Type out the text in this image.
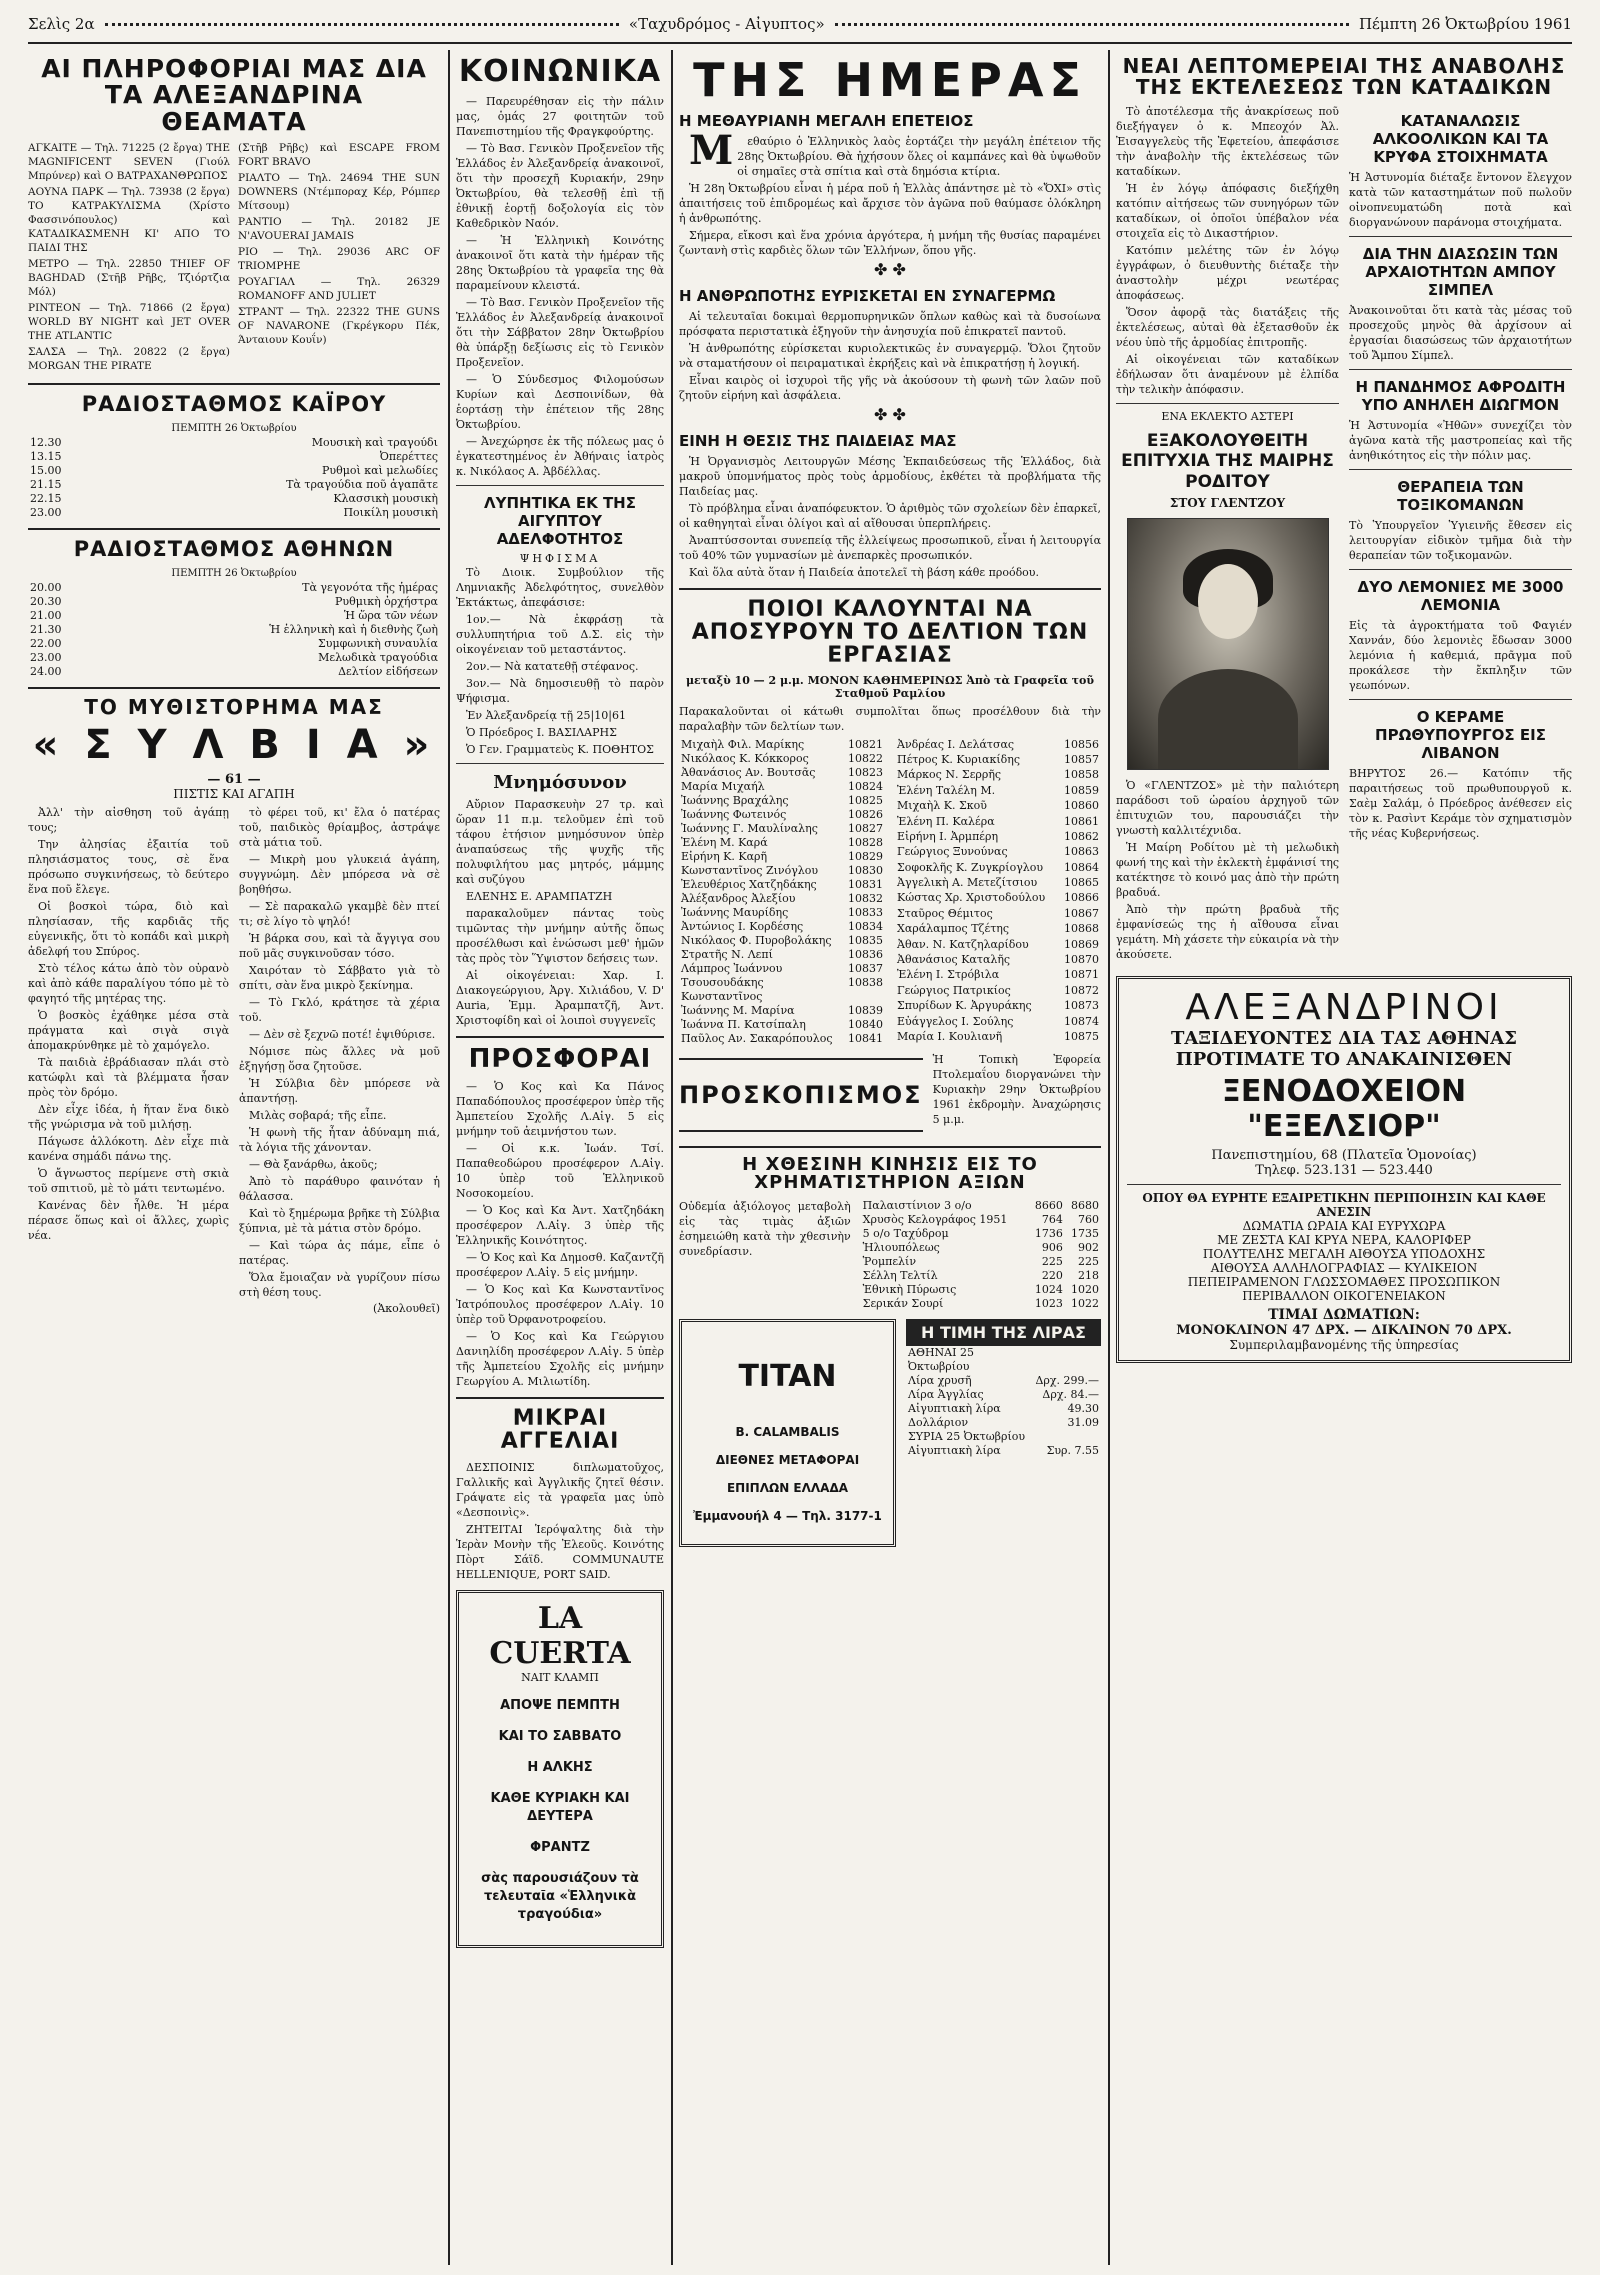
Σελὶς 2α	«Ταχυδρόμος - Αἰγυπτος»	Πέμπτη 26 Ὀκτωβρίου 1961
ΑΙ ΠΛΗΡΟΦΟΡΙΑΙ ΜΑΣ ΔΙΑ ΤΑ ΑΛΕΞΑΝΔΡΙΝΑ ΘΕΑΜΑΤΑ

ΑΓΚΑΙΤΕ — Τηλ. 71225 (2 ἔργα) THE MAGNIFICENT SEVEN (Γιούλ Μπρύνερ) καὶ Ο ΒΑΤΡΑΧΑΝΘΡΩΠΟΣ

ΑΟΥΝΑ ΠΑΡΚ — Τηλ. 73938 (2 ἔργα) ΤΟ ΚΑΤΡΑΚΥΛΙΣΜΑ (Χρίστο Φασσινόπουλος) καὶ ΚΑΤΑΔΙΚΑΣΜΕΝΗ ΚΙ' ΑΠΟ ΤΟ ΠΑΙΔΙ ΤΗΣ

ΜΕΤΡΟ — Τηλ. 22850 THIEF OF BAGHDAD (Στῆβ Ρῆβς, Τζιόρτζια Μόλ)

ΡΙΝΤΕΟΝ — Τηλ. 71866 (2 ἔργα) WORLD BY NIGHT καὶ JET OVER THE ATLANTIC

ΣΑΛΣΑ — Τηλ. 20822 (2 ἔργα) MORGAN THE PIRATE

(Στῆβ Ρῆβς) καὶ ESCAPE FROM FORT BRAVO

ΡΙΑΛΤΟ — Τηλ. 24694 THE SUN DOWNERS (Ντέμποραχ Κέρ, Ρόμπερ Μίτσουμ)

ΡΑΝΤΙΟ — Τηλ. 20182 JE N'AVOUERAI JAMAIS

ΡΙΟ — Τηλ. 29036 ARC OF TRIOMPHE

ΡΟΥΑΓΙΑΛ — Τηλ. 26329 ROMANOFF AND JULIET

ΣΤΡΑΝΤ — Τηλ. 22322 THE GUNS OF NAVARONE (Γκρέγκορυ Πέκ, Άνταιουν Κουΐν)

ΡΑΔΙΟΣΤΑΘΜΟΣ ΚΑΪΡΟΥ
ΠΕΜΠΤΗ 26 Ὀκτωβρίου
12.30	Μουσικὴ καὶ τραγούδι
13.15	Ὀπερέττες
15.00	Ρυθμοὶ καὶ μελωδίες
21.15	Τὰ τραγούδια ποῦ ἀγαπᾶτε
22.15	Κλασσικὴ μουσικὴ
23.00	Ποικίλη μουσικὴ
ΡΑΔΙΟΣΤΑΘΜΟΣ ΑΘΗΝΩΝ
ΠΕΜΠΤΗ 26 Ὀκτωβρίου
20.00	Τὰ γεγονότα τῆς ἡμέρας
20.30	Ρυθμικὴ ὀρχήστρα
21.00	Ἡ ὥρα τῶν νέων
21.30	Ἡ ἑλληνικὴ καὶ ἡ διεθνὴς ζωὴ
22.00	Συμφωνικὴ συναυλία
23.00	Μελωδικὰ τραγούδια
24.00	Δελτίον εἰδήσεων
ΤΟ ΜΥΘΙΣΤΟΡΗΜΑ ΜΑΣ
« Σ Υ Λ Β Ι Α »
— 61 —
ΠΙΣΤΙΣ ΚΑΙ ΑΓΑΠΗ

Ἀλλ' τὴν αἰσθηση τοῦ ἀγάπῃ τους;

Την ἀλησίας ἐξαιτία τοῦ πλησιάσματος τους, σὲ ἕνα πρόσωπο συγκινήσεως, τὸ δεύτερο ἕνα ποῦ ἔλεγε.

Οἱ βοσκοὶ τώρα, διὸ καὶ πλησίασαν, τῆς καρδιᾶς τῆς εὐγενικῆς, ὅτι τὸ κοπάδι καὶ μικρὴ ἀδελφή του Σπύρος.

Στὸ τέλος κάτω ἀπὸ τὸν οὐρανὸ καὶ ἀπὸ κάθε παραλίγου τόπο μὲ τὸ φαγητό τῆς μητέρας της.

Ὁ βοσκὸς ἐχάθηκε μέσα στὰ πράγματα καὶ σιγὰ σιγὰ ἀπομακρύνθηκε μὲ τὸ χαμόγελο.

Τὰ παιδιὰ ἐβράδιασαν πλάι στὸ κατώφλι καὶ τὰ βλέμματα ἦσαν πρὸς τὸν δρόμο.

Δὲν εἶχε ἰδέα, ἡ ἥταν ἕνα δικὸ τῆς γνώρισμα νὰ τοῦ μιλήσῃ.

Πάγωσε ἀλλόκοτη. Δὲν εἶχε πιὰ κανένα σημάδι πάνω της.

Ὁ ἄγνωστος περίμενε στὴ σκιὰ τοῦ σπιτιοῦ, μὲ τὸ μάτι τεντωμένο.

Κανένας δὲν ἦλθε. Ἡ μέρα πέρασε ὅπως καὶ οἱ ἄλλες, χωρὶς νέα.

τὸ φέρει τοῦ, κι' ἔλα ὁ πατέρας τοῦ, παιδικὸς θρίαμβος, ἀστράψε στὰ μάτια τοῦ.

— Μικρὴ μου γλυκειά ἀγάπη, συγγνώμη. Δὲν μπόρεσα νὰ σὲ βοηθήσω.

— Σὲ παρακαλῶ γκαμβὲ δὲν πτεί τι; σὲ λίγο τὸ ψηλό!

Ἡ βάρκα σου, καὶ τὰ ἄγγιγα σου ποῦ μᾶς συγκινοῦσαν τόσο.

Χαιρόταν τὸ Σάββατο γιὰ τὸ σπίτι, σὰν ἕνα μικρὸ ξεκίνημα.

— Τὸ Γκλό, κράτησε τὰ χέρια τοῦ.

— Δὲν σὲ ξεχνῶ ποτέ! ἐψιθύρισε.

Νόμισε πὼς ἄλλες νὰ μοῦ ἐξηγήσῃ ὅσα ζητοῦσε.

Ἡ Σύλβια δὲν μπόρεσε νὰ ἀπαντήσῃ.

Μιλὰς σοβαρά; τῆς εἶπε.

Ἡ φωνὴ τῆς ἦταν ἀδύναμη πιά, τὰ λόγια τῆς χάνονταν.

— Θὰ ξανάρθω, ἀκοῦς;

Ἀπὸ τὸ παράθυρο φαινόταν ἡ θάλασσα.

Καὶ τὸ ξημέρωμα βρῆκε τὴ Σύλβια ξύπνια, μὲ τὰ μάτια στὸν δρόμο.

— Καὶ τώρα ἀς πάμε, εἶπε ὁ πατέρας.

Ὅλα ἔμοιαζαν νὰ γυρίζουν πίσω στὴ θέση τους.

(Ἀκολουθεῖ)
ΚΟΙΝΩΝΙΚΑ

— Παρευρέθησαν εἰς τὴν πάλιν μας, ὁμάς 27 φοιτητῶν τοῦ Πανεπιστημίου τῆς Φραγκφούρτης.

— Τὸ Βασ. Γενικὸν Προξενεῖον τῆς Ἑλλάδος ἐν Ἀλεξανδρείᾳ ἀνακοινοῖ, ὅτι τὴν προσεχῆ Κυριακήν, 29ην Ὀκτωβρίου, θὰ τελεσθῇ ἐπὶ τῇ ἐθνικῇ ἑορτῇ δοξολογία εἰς τὸν Καθεδρικὸν Ναόν.

— Ἡ Ἑλληνικὴ Κοινότης ἀνακοινοῖ ὅτι κατὰ τὴν ἡμέραν τῆς 28ης Ὀκτωβρίου τὰ γραφεῖα της θὰ παραμείνουν κλειστά.

— Τὸ Βασ. Γενικὸν Προξενεῖον τῆς Ἑλλάδος ἐν Ἀλεξανδρείᾳ ἀνακοινοῖ ὅτι τὴν Σάββατον 28ην Ὀκτωβρίου θὰ ὑπάρξῃ δεξίωσις εἰς τὸ Γενικὸν Προξενεῖον.

— Ὁ Σύνδεσμος Φιλομούσων Κυρίων καὶ Δεσποινίδων, θὰ ἑορτάσῃ τὴν ἐπέτειον τῆς 28ης Ὀκτωβρίου.

— Ἀνεχώρησε ἐκ τῆς πόλεως μας ὁ ἐγκατεστημένος ἐν Ἀθήναις ἰατρὸς κ. Νικόλαος Α. Ἀβδέλλας.

ΛΥΠΗΤΙΚΑ ΕΚ ΤΗΣ ΑΙΓΥΠΤΟΥ ΑΔΕΛΦΟΤΗΤΟΣ
ΨΗΦΙΣΜΑ

Τὸ Διοικ. Συμβούλιον τῆς Λημνιακῆς Ἀδελφότητος, συνελθὸν Ἐκτάκτως, ἀπεφάσισε:

1ον.— Νὰ ἐκφράσῃ τὰ συλλυπητήρια τοῦ Δ.Σ. εἰς τὴν οἰκογένειαν τοῦ μεταστάντος.

2ον.— Νὰ κατατεθῇ στέφανος.

3ον.— Νὰ δημοσιευθῇ τὸ παρὸν Ψήφισμα.

Ἐν Ἀλεξανδρείᾳ τῇ 25|10|61

Ὁ Πρόεδρος Ι. ΒΑΣΙΛΑΡΗΣ

Ὁ Γεν. Γραμματεὺς Κ. ΠΟΘΗΤΟΣ

Μνημόσυνον

Αὔριον Παρασκευὴν 27 τρ. καὶ ὥραν 11 π.μ. τελοῦμεν ἐπὶ τοῦ τάφου ἐτήσιον μνημόσυνον ὑπὲρ ἀναπαύσεως τῆς ψυχῆς τῆς πολυφιλήτου μας μητρός, μάμμης καὶ συζύγου

ΕΛΕΝΗΣ Ε. ΑΡΑΜΠΑΤΖΗ

παρακαλοῦμεν πάντας τοὺς τιμῶντας τὴν μνήμην αὐτῆς ὅπως προσέλθωσι καὶ ἑνώσωσι μεθ' ἡμῶν τὰς πρὸς τὸν Ὕψιστον δεήσεις των.

Αἱ οἰκογένειαι: Χαρ. Ι. Διακογεώργιου, Ἀργ. Χιλιάδου, V. D' Auria, Ἐμμ. Ἀραμπατζῆ, Ἀντ. Χριστοφίδη καὶ οἱ λοιποὶ συγγενεῖς

ΠΡΟΣΦΟΡΑΙ

— Ὁ Κος καὶ Κα Πάνος Παπαδόπουλος προσέφερον ὑπὲρ τῆς Ἀμπετείου Σχολῆς Λ.Αἰγ. 5 εἰς μνήμην τοῦ ἀειμνήστου των.

— Οἱ κ.κ. Ἰωάν. Τσί. Παπαθεοδώρου προσέφερον Λ.Αἰγ. 10 ὑπὲρ τοῦ Ἑλληνικοῦ Νοσοκομείου.

— Ὁ Κος καὶ Κα Ἀντ. Χατζηδάκη προσέφερον Λ.Αἰγ. 3 ὑπὲρ τῆς Ἑλληνικῆς Κοινότητος.

— Ὁ Κος καὶ Κα Δημοσθ. Καζαντζῆ προσέφερον Λ.Αἰγ. 5 εἰς μνήμην.

— Ὁ Κος καὶ Κα Κωνσταντῖνος Ἰατρόπουλος προσέφερον Λ.Αἰγ. 10 ὑπὲρ τοῦ Ὀρφανοτροφείου.

— Ὁ Κος καὶ Κα Γεώργιου Δανιηλίδη προσέφερον Λ.Αἰγ. 5 ὑπὲρ τῆς Ἀμπετείου Σχολῆς εἰς μνήμην Γεωργίου Α. Μιλιωτίδη.

ΜΙΚΡΑΙ ΑΓΓΕΛΙΑΙ

ΔΕΣΠΟΙΝΙΣ διπλωματοῦχος, Γαλλικῆς καὶ Ἀγγλικῆς ζητεῖ θέσιν. Γράψατε εἰς τὰ γραφεῖα μας ὑπὸ «Δεσποινὶς».

ΖΗΤΕΙΤΑΙ Ἱερόψαλτης διὰ τὴν Ἱερὰν Μονὴν τῆς Ἐλεοῦς. Κοινότης Πὸρτ Σάϊδ. COMMUNAUTE HELLENIQUE, PORT SAID.

LA CUERTA
ΝΑΙΤ ΚΛΑΜΠ

ΑΠΟΨΕ ΠΕΜΠΤΗ

ΚΑΙ ΤΟ ΣΑΒΒΑΤΟ

Η ΑΛΚΗΣ

ΚΑΘΕ ΚΥΡΙΑΚΗ ΚΑΙ ΔΕΥΤΕΡΑ

ΦΡΑΝΤΖ

σὰς παρουσιάζουν τὰ τελευταῖα «Ἑλληνικὰ τραγούδια»

ΤΗΣ ΗΜΕΡΑΣ
Η ΜΕΘΑΥΡΙΑΝΗ ΜΕΓΑΛΗ ΕΠΕΤΕΙΟΣ

Μεθαύριο ὁ Ἑλληνικὸς λαὸς ἑορτάζει τὴν μεγάλη ἐπέτειον τῆς 28ης Ὀκτωβρίου. Θὰ ἠχήσουν ὅλες οἱ καμπάνες καὶ θὰ ὑψωθοῦν οἱ σημαῖες στὰ σπίτια καὶ στὰ δημόσια κτίρια.

Ἡ 28η Ὀκτωβρίου εἶναι ἡ μέρα ποῦ ἡ Ἑλλὰς ἀπάντησε μὲ τὸ «ὌΧΙ» στὶς ἀπαιτήσεις τοῦ ἐπιδρομέως καὶ ἄρχισε τὸν ἀγῶνα ποῦ θαύμασε ὁλόκληρη ἡ ἀνθρωπότης.

Σήμερα, εἴκοσι καὶ ἕνα χρόνια ἀργότερα, ἡ μνήμη τῆς θυσίας παραμένει ζωντανὴ στὶς καρδιὲς ὅλων τῶν Ἑλλήνων, ὅπου γῆς.

✤ ✤
Η ΑΝΘΡΩΠΟΤΗΣ ΕΥΡΙΣΚΕΤΑΙ ΕΝ ΣΥΝΑΓΕΡΜΩ

Αἱ τελευταῖαι δοκιμαὶ θερμοπυρηνικῶν ὅπλων καθὼς καὶ τὰ δυσοίωνα πρόσφατα περιστατικὰ ἐξηγοῦν τὴν ἀνησυχία ποῦ ἐπικρατεῖ παντοῦ.

Ἡ ἀνθρωπότης εὐρίσκεται κυριολεκτικῶς ἐν συναγερμῷ. Ὅλοι ζητοῦν νὰ σταματήσουν οἱ πειραματικαὶ ἐκρήξεις καὶ νὰ ἐπικρατήσῃ ἡ λογική.

Εἶναι καιρὸς οἱ ἰσχυροὶ τῆς γῆς νὰ ἀκούσουν τὴ φωνὴ τῶν λαῶν ποῦ ζητοῦν εἰρήνη καὶ ἀσφάλεια.

✤ ✤
ΕΙΝΗ Η ΘΕΣΙΣ ΤΗΣ ΠΑΙΔΕΙΑΣ ΜΑΣ

Ἡ Ὀργανισμὸς Λειτουργῶν Μέσης Ἐκπαιδεύσεως τῆς Ἑλλάδος, διὰ μακροῦ ὑπομνήματος πρὸς τοὺς ἁρμοδίους, ἐκθέτει τὰ προβλήματα τῆς Παιδείας μας.

Τὸ πρόβλημα εἶναι ἀναπόφευκτον. Ὁ ἀριθμὸς τῶν σχολείων δὲν ἐπαρκεῖ, οἱ καθηγηταὶ εἶναι ὀλίγοι καὶ αἱ αἴθουσαι ὑπερπλήρεις.

Ἀναπτύσσονται συνεπείᾳ τῆς ἐλλείψεως προσωπικοῦ, εἶναι ἡ λειτουργία τοῦ 40% τῶν γυμνασίων μὲ ἀνεπαρκὲς προσωπικόν.

Καὶ ὅλα αὐτὰ ὅταν ἡ Παιδεία ἀποτελεῖ τὴ βάση κάθε προόδου.

ΠΟΙΟΙ ΚΑΛΟΥΝΤΑΙ ΝΑ ΑΠΟΣΥΡΟΥΝ ΤΟ ΔΕΛΤΙΟΝ ΤΩΝ ΕΡΓΑΣΙΑΣ
μεταξὺ 10 — 2 μ.μ. ΜΟΝΟΝ ΚΑΘΗΜΕΡΙΝΩΣ Ἀπὸ τὰ Γραφεῖα τοῦ Σταθμοῦ Ραμλίου
Παρακαλοῦνται οἱ κάτωθι συμπολῖται ὅπως προσέλθουν διὰ τὴν παραλαβὴν τῶν δελτίων των.
Μιχαὴλ Φιλ. Μαρίκης	10821
Νικόλαος Κ. Κόκκορος	10822
Ἀθανάσιος Αν. Βουτσᾶς	10823
Μαρία Μιχαήλ	10824
Ἰωάννης Βραχάλης	10825
Ἰωάννης Φωτεινός	10826
Ἰωάννης Γ. Μαυλίναλης	10827
Ἐλένη Μ. Καρά	10828
Εἰρήνη Κ. Καρῆ	10829
Κωνσταντῖνος Ζινόγλου	10830
Ἐλευθέριος Χατζηδάκης	10831
Ἀλέξανδρος Ἀλεξίου	10832
Ἰωάννης Μαυρίδης	10833
Ἀντώνιος Ι. Κορδέσης	10834
Νικόλαος Φ. Πυροβολάκης	10835
Στρατῆς Ν. Λεπί	10836
Λάμπρος Ἰωάννου	10837
Τσουσουδάκης Κωνσταντῖνος	10838
Ἰωάννης Μ. Μαρίνα	10839
Ἰωάννα Π. Κατσίπαλη	10840
Παῦλος Αν. Σακαρόπουλος	10841
Ἀνδρέας Ι. Δελάτσας	10856
Πέτρος Κ. Κυριακίδης	10857
Μάρκος Ν. Σερρῆς	10858
Ἐλένη Ταλέλη Μ.	10859
Μιχαὴλ Κ. Σκοῦ	10860
Ἐλένη Π. Καλέρα	10861
Εἰρήνη Ι. Ἀρμπέρη	10862
Γεώργιος Ξυνούνας	10863
Σοφοκλῆς Κ. Ζυγκρίογλου	10864
Ἀγγελικὴ Α. Μετεζίτσιου	10865
Κώστας Χρ. Χριστοδούλου	10866
Σταῦρος Θέμιτος	10867
Χαράλαμπος Τζέτης	10868
Ἀθαν. Ν. Κατζηλαρίδου	10869
Ἀθανάσιος Καταλῆς	10870
Ἐλένη Ι. Στρόβιλα	10871
Γεώργιος Πατρικίος	10872
Σπυρίδων Κ. Ἀργυράκης	10873
Εὐάγγελος Ι. Σούλης	10874
Μαρία Ι. Κουλιανῆ	10875
ΠΡΟΣΚΟΠΙΣΜΟΣ
Ἡ Τοπικὴ Ἐφορεία Πτολεμαΐου διοργανώνει τὴν Κυριακὴν 29ην Ὀκτωβρίου 1961 ἐκδρομὴν. Ἀναχώρησις 5 μ.μ.
Η ΧΘΕΣΙΝΗ ΚΙΝΗΣΙΣ ΕΙΣ ΤΟ ΧΡΗΜΑΤΙΣΤΗΡΙΟΝ ΑΞΙΩΝ
Οὐδεμία ἀξιόλογος μεταβολὴ εἰς τὰς τιμὰς ἀξιῶν ἐσημειώθη κατὰ τὴν χθεσινὴν συνεδρίασιν.
Παλαιστίνιον 3 ο/ο	8660	8680
Χρυσὸς Κελογράφος 1951	764	760
5 ο/ο Ταχύδρομ	1736	1735
Ἡλιουπόλεως	906	902
Ῥομπελίν	225	225
Σέλλη Τελτίλ	220	218
Ἐθνικὴ Πύρωσις	1024	1020
Σερικάν Σουρί	1023	1022

TITAN

B. CALAMBALIS

ΔΙΕΘΝΕΣ ΜΕΤΑΦΟΡΑΙ

ΕΠΙΠΛΩΝ ΕΛΛΑΔΑ

Ἐμμανουήλ 4 — Τηλ. 3177-1

Η ΤΙΜΗ ΤΗΣ ΛΙΡΑΣ
ΑΘΗΝΑΙ 25 Ὀκτωβρίου	
Λίρα χρυσῆ	Δρχ. 299.—
Λίρα Ἀγγλίας	Δρχ. 84.—
Αἰγυπτιακὴ λίρα	49.30
Δολλάριον	31.09
ΣΥΡΙΑ 25 Ὀκτωβρίου	
Αἰγυπτιακὴ λίρα	Συρ. 7.55
ΝΕΑΙ ΛΕΠΤΟΜΕΡΕΙΑΙ ΤΗΣ ΑΝΑΒΟΛΗΣ ΤΗΣ ΕΚΤΕΛΕΣΕΩΣ ΤΩΝ ΚΑΤΑΔΙΚΩΝ

Τὸ ἀποτέλεσμα τῆς ἀνακρίσεως ποῦ διεξήγαγεν ὁ κ. Μπεοχόν Ἀλ. Ἐισαγγελεὺς τῆς Ἐφετείου, ἀπεφάσισε τὴν ἀναβολὴν τῆς ἐκτελέσεως τῶν καταδίκων.

Ἡ ἐν λόγῳ ἀπόφασις διεξήχθη κατόπιν αἰτήσεως τῶν συνηγόρων τῶν καταδίκων, οἱ ὁποῖοι ὑπέβαλον νέα στοιχεῖα εἰς τὸ Δικαστήριον.

Κατόπιν μελέτης τῶν ἐν λόγῳ ἐγγράφων, ὁ διευθυντὴς διέταξε τὴν ἀναστολὴν μέχρι νεωτέρας ἀποφάσεως.

Ὅσον ἀφορᾷ τὰς διατάξεις τῆς ἐκτελέσεως, αὐταὶ θὰ ἐξετασθοῦν ἐκ νέου ὑπὸ τῆς ἁρμοδίας ἐπιτροπῆς.

Αἱ οἰκογένειαι τῶν καταδίκων ἐδήλωσαν ὅτι ἀναμένουν μὲ ἐλπίδα τὴν τελικὴν ἀπόφασιν.

ΕΝΑ ΕΚΛΕΚΤΟ ΑΣΤΕΡΙ
ΕΞΑΚΟΛΟΥΘΕΙΤΗ ΕΠΙΤΥΧΙΑ ΤΗΣ ΜΑΙΡΗΣ ΡΟΔΙΤΟΥ
ΣΤΟΥ ΓΛΕΝΤΖΟΥ

Ὁ «ΓΛΕΝΤΖΟΣ» μὲ τὴν παλιότερη παράδοσι τοῦ ὡραίου ἀρχηγοῦ τῶν ἐπιτυχιῶν του, παρουσιάζει τὴν γνωστὴ καλλιτέχνιδα.

Ἡ Μαίρη Ροδίτου μὲ τὴ μελωδικὴ φωνή της καὶ τὴν ἐκλεκτὴ ἐμφάνισί της κατέκτησε τὸ κοινό μας ἀπὸ τὴν πρώτη βραδυά.

Ἀπὸ τὴν πρώτη βραδυὰ τῆς ἐμφανίσεώς της ἡ αἴθουσα εἶναι γεμάτη. Μὴ χάσετε τὴν εὐκαιρία νὰ τὴν ἀκούσετε.

ΚΑΤΑΝΑΛΩΣΙΣ ΑΛΚΟΟΛΙΚΩΝ ΚΑΙ ΤΑ ΚΡΥΦΑ ΣΤΟΙΧΗΜΑΤΑ
Ἡ Ἀστυνομία διέταξε ἔντονον ἔλεγχον κατὰ τῶν καταστημάτων ποῦ πωλοῦν οἰνοπνευματώδη ποτὰ καὶ διοργανώνουν παράνομα στοιχήματα.
ΔΙΑ ΤΗΝ ΔΙΑΣΩΣΙΝ ΤΩΝ ΑΡΧΑΙΟΤΗΤΩΝ ΑΜΠΟΥ ΣΙΜΠΕΛ
Ἀνακοινοῦται ὅτι κατὰ τὰς μέσας τοῦ προσεχοῦς μηνὸς θὰ ἀρχίσουν αἱ ἐργασίαι διασώσεως τῶν ἀρχαιοτήτων τοῦ Ἄμπου Σίμπελ.
Η ΠΑΝΔΗΜΟΣ ΑΦΡΟΔΙΤΗ ΥΠΟ ΑΝΗΛΕΗ ΔΙΩΓΜΟΝ
Ἡ Ἀστυνομία «Ἠθῶν» συνεχίζει τὸν ἀγῶνα κατὰ τῆς μαστροπείας καὶ τῆς ἀνηθικότητος εἰς τὴν πόλιν μας.
ΘΕΡΑΠΕΙΑ ΤΩΝ ΤΟΞΙΚΟΜΑΝΩΝ
Τὸ Ὑπουργεῖον Ὑγιεινῆς ἔθεσεν εἰς λειτουργίαν εἰδικὸν τμῆμα διὰ τὴν θεραπείαν τῶν τοξικομανῶν.
ΔΥΟ ΛΕΜΟΝΙΕΣ ΜΕ 3000 ΛΕΜΟΝΙΑ
Εἰς τὰ ἀγροκτήματα τοῦ Φαγιέν Χαννάν, δύο λεμονιὲς ἔδωσαν 3000 λεμόνια ἡ καθεμιά, πρᾶγμα ποῦ προκάλεσε τὴν ἔκπληξιν τῶν γεωπόνων.
Ο ΚΕΡΑΜΕ ΠΡΩΘΥΠΟΥΡΓΟΣ ΕΙΣ ΛΙΒΑΝΟΝ
ΒΗΡΥΤΟΣ 26.— Κατόπιν τῆς παραιτήσεως τοῦ πρωθυπουργοῦ κ. Σαὲμ Σαλάμ, ὁ Πρόεδρος ἀνέθεσεν εἰς τὸν κ. Ρασὶντ Κεράμε τὸν σχηματισμὸν τῆς νέας Κυβερνήσεως.
ΑΛΕΞΑΝΔΡΙΝΟΙ
ΤΑΞΙΔΕΥΟΝΤΕΣ ΔΙΑ ΤΑΣ ΑΘΗΝΑΣ
ΠΡΟΤΙΜΑΤΕ ΤΟ ΑΝΑΚΑΙΝΙΣΘΕΝ
ΞΕΝΟΔΟΧΕΙΟΝ "ΕΞΕΛΣΙΟΡ"
Πανεπιστημίου, 68 (Πλατεῖα Ὁμονοίας)
Τηλεφ. 523.131 — 523.440
ΟΠΟΥ ΘΑ ΕΥΡΗΤΕ ΕΞΑΙΡΕΤΙΚΗΝ ΠΕΡΙΠΟΙΗΣΙΝ ΚΑΙ ΚΑΘΕ ΑΝΕΣΙΝ
ΔΩΜΑΤΙΑ ΩΡΑΙΑ ΚΑΙ ΕΥΡΥΧΩΡΑ
ΜΕ ΖΕΣΤΑ ΚΑΙ ΚΡΥΑ ΝΕΡΑ, ΚΑΛΟΡΙΦΕΡ
ΠΟΛΥΤΕΛΗΣ ΜΕΓΑΛΗ ΑΙΘΟΥΣΑ ΥΠΟΔΟΧΗΣ
ΑΙΘΟΥΣΑ ΑΛΛΗΛΟΓΡΑΦΙΑΣ — ΚΥΛΙΚΕΙΟΝ
ΠΕΠΕΙΡΑΜΕΝΟΝ ΓΛΩΣΣΟΜΑΘΕΣ ΠΡΟΣΩΠΙΚΟΝ
ΠΕΡΙΒΑΛΛΟΝ ΟΙΚΟΓΕΝΕΙΑΚΟΝ
ΤΙΜΑΙ ΔΩΜΑΤΙΩΝ:
ΜΟΝΟΚΛΙΝΟΝ 47 ΔΡΧ. — ΔΙΚΛΙΝΟΝ 70 ΔΡΧ.
Συμπεριλαμβανομένης τῆς ὑπηρεσίας
